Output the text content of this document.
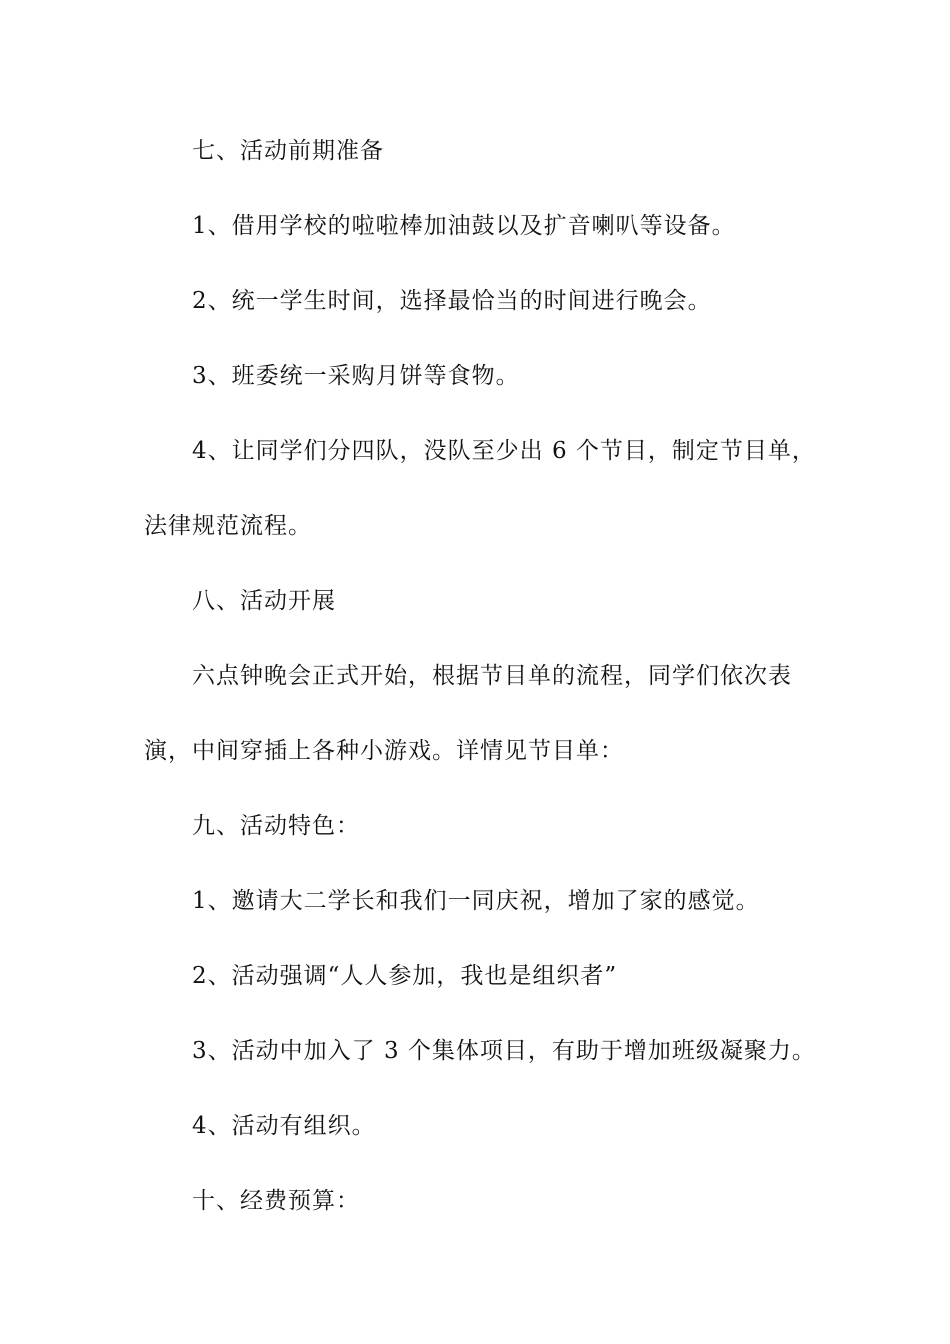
七、活动前期准备
1、借用学校的啦啦棒加油鼓以及扩音喇叭等设备。
2、统一学生时间，选择最恰当的时间进行晚会。
3、班委统一采购月饼等食物。
4、让同学们分四队，没队至少出 6 个节目，制定节目单，
法律规范流程。
八、活动开展
六点钟晚会正式开始，根据节目单的流程，同学们依次表
演，中间穿插上各种小游戏。详情见节目单：
九、活动特色：
1、邀请大二学长和我们一同庆祝，增加了家的感觉。
2、活动强调“人人参加，我也是组织者”
3、活动中加入了 3 个集体项目，有助于增加班级凝聚力。
4、活动有组织。
十、经费预算：
